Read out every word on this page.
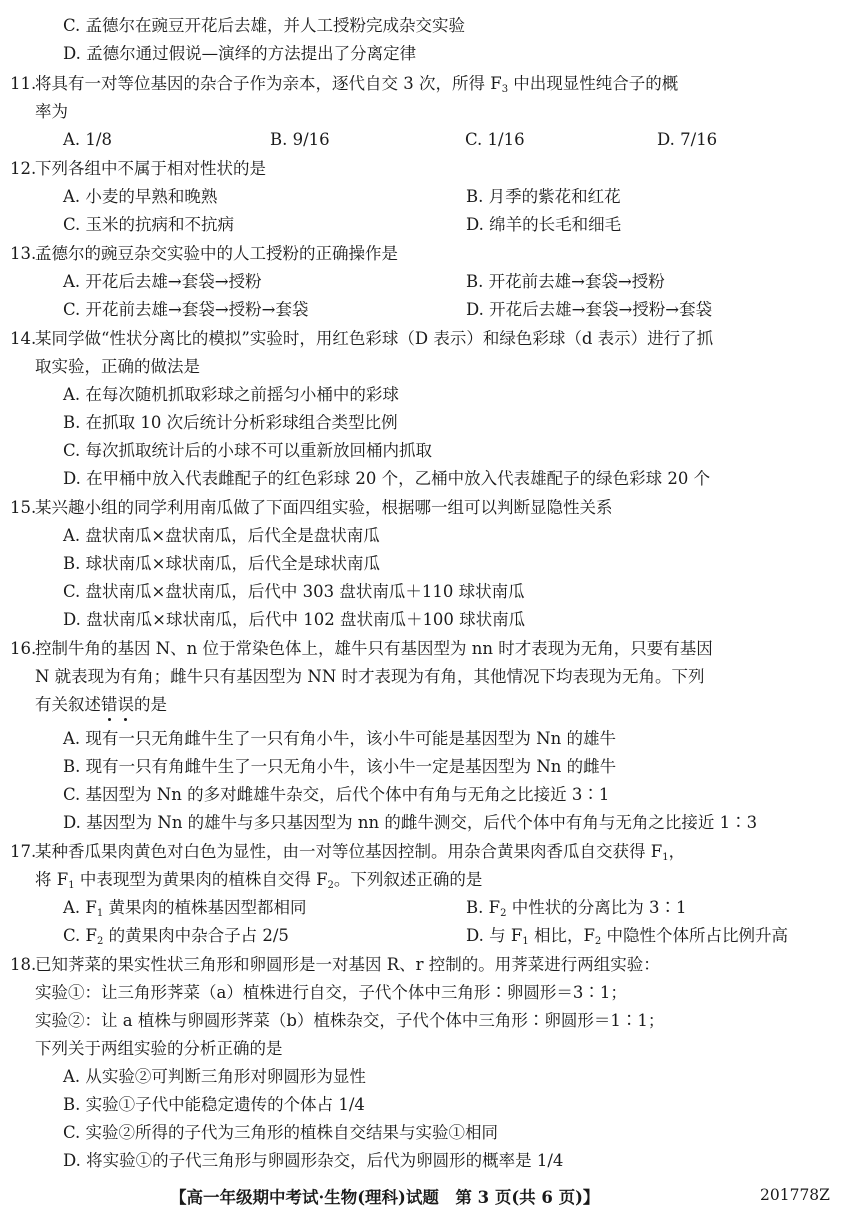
C. 孟德尔在豌豆开花后去雄，并人工授粉完成杂交实验
D. 孟德尔通过假说—演绎的方法提出了分离定律
11.
将具有一对等位基因的杂合子作为亲本，逐代自交 3 次，所得 $F_3$ 中出现显性纯合子的概
率为
A. 1/8	B. 9/16	C. 1/16	D. 7/16
12.
下列各组中不属于相对性状的是
A. 小麦的早熟和晚熟	B. 月季的紫花和红花
C. 玉米的抗病和不抗病	D. 绵羊的长毛和细毛
13.
孟德尔的豌豆杂交实验中的人工授粉的正确操作是
A. 开花后去雄→套袋→授粉	B. 开花前去雄→套袋→授粉
C. 开花前去雄→套袋→授粉→套袋	D. 开花后去雄→套袋→授粉→套袋
14.
某同学做“性状分离比的模拟”实验时，用红色彩球（D 表示）和绿色彩球（d 表示）进行了抓
取实验，正确的做法是
A. 在每次随机抓取彩球之前摇匀小桶中的彩球
B. 在抓取 10 次后统计分析彩球组合类型比例
C. 每次抓取统计后的小球不可以重新放回桶内抓取
D. 在甲桶中放入代表雌配子的红色彩球 20 个，乙桶中放入代表雄配子的绿色彩球 20 个
15.
某兴趣小组的同学利用南瓜做了下面四组实验，根据哪一组可以判断显隐性关系
A. 盘状南瓜×盘状南瓜，后代全是盘状南瓜
B. 球状南瓜×球状南瓜，后代全是球状南瓜
C. 盘状南瓜×盘状南瓜，后代中 303 盘状南瓜＋110 球状南瓜
D. 盘状南瓜×球状南瓜，后代中 102 盘状南瓜＋100 球状南瓜
16.
控制牛角的基因 N、n 位于常染色体上，雄牛只有基因型为 nn 时才表现为无角，只要有基因
N 就表现为有角；雌牛只有基因型为 NN 时才表现为有角，其他情况下均表现为无角。下列
有关叙述错
误
的是
A. 现有一只无角雌牛生了一只有角小牛，该小牛可能是基因型为 Nn 的雄牛
B. 现有一只有角雌牛生了一只无角小牛，该小牛一定是基因型为 Nn 的雌牛
C. 基因型为 Nn 的多对雌雄牛杂交，后代个体中有角与无角之比接近 3∶1
D. 基因型为 Nn 的雄牛与多只基因型为 nn 的雌牛测交，后代个体中有角与无角之比接近 1∶3
17.
某种香瓜果肉黄色对白色为显性，由一对等位基因控制。用杂合黄果肉香瓜自交获得 $F_1$，
将 $F_1$ 中表现型为黄果肉的植株自交得 $F_2$。下列叙述正确的是
A. $F_1$ 黄果肉的植株基因型都相同	B. $F_2$ 中性状的分离比为 3∶1
C. $F_2$ 的黄果肉中杂合子占 2/5	D. 与 $F_1$ 相比，$F_2$ 中隐性个体所占比例升高
18.
已知荠菜的果实性状三角形和卵圆形是一对基因 R、r 控制的。用荠菜进行两组实验：
实验①：让三角形荠菜（a）植株进行自交，子代个体中三角形∶卵圆形＝3∶1；
实验②：让 a 植株与卵圆形荠菜（b）植株杂交，子代个体中三角形∶卵圆形＝1∶1；
下列关于两组实验的分析正确的是
A. 从实验②可判断三角形对卵圆形为显性
B. 实验①子代中能稳定遗传的个体占 1/4
C. 实验②所得的子代为三角形的植株自交结果与实验①相同
D. 将实验①的子代三角形与卵圆形杂交，后代为卵圆形的概率是 1/4
【高一年级期中考试·生物(理科)试题　第 3 页(共 6 页)】	201778Z
